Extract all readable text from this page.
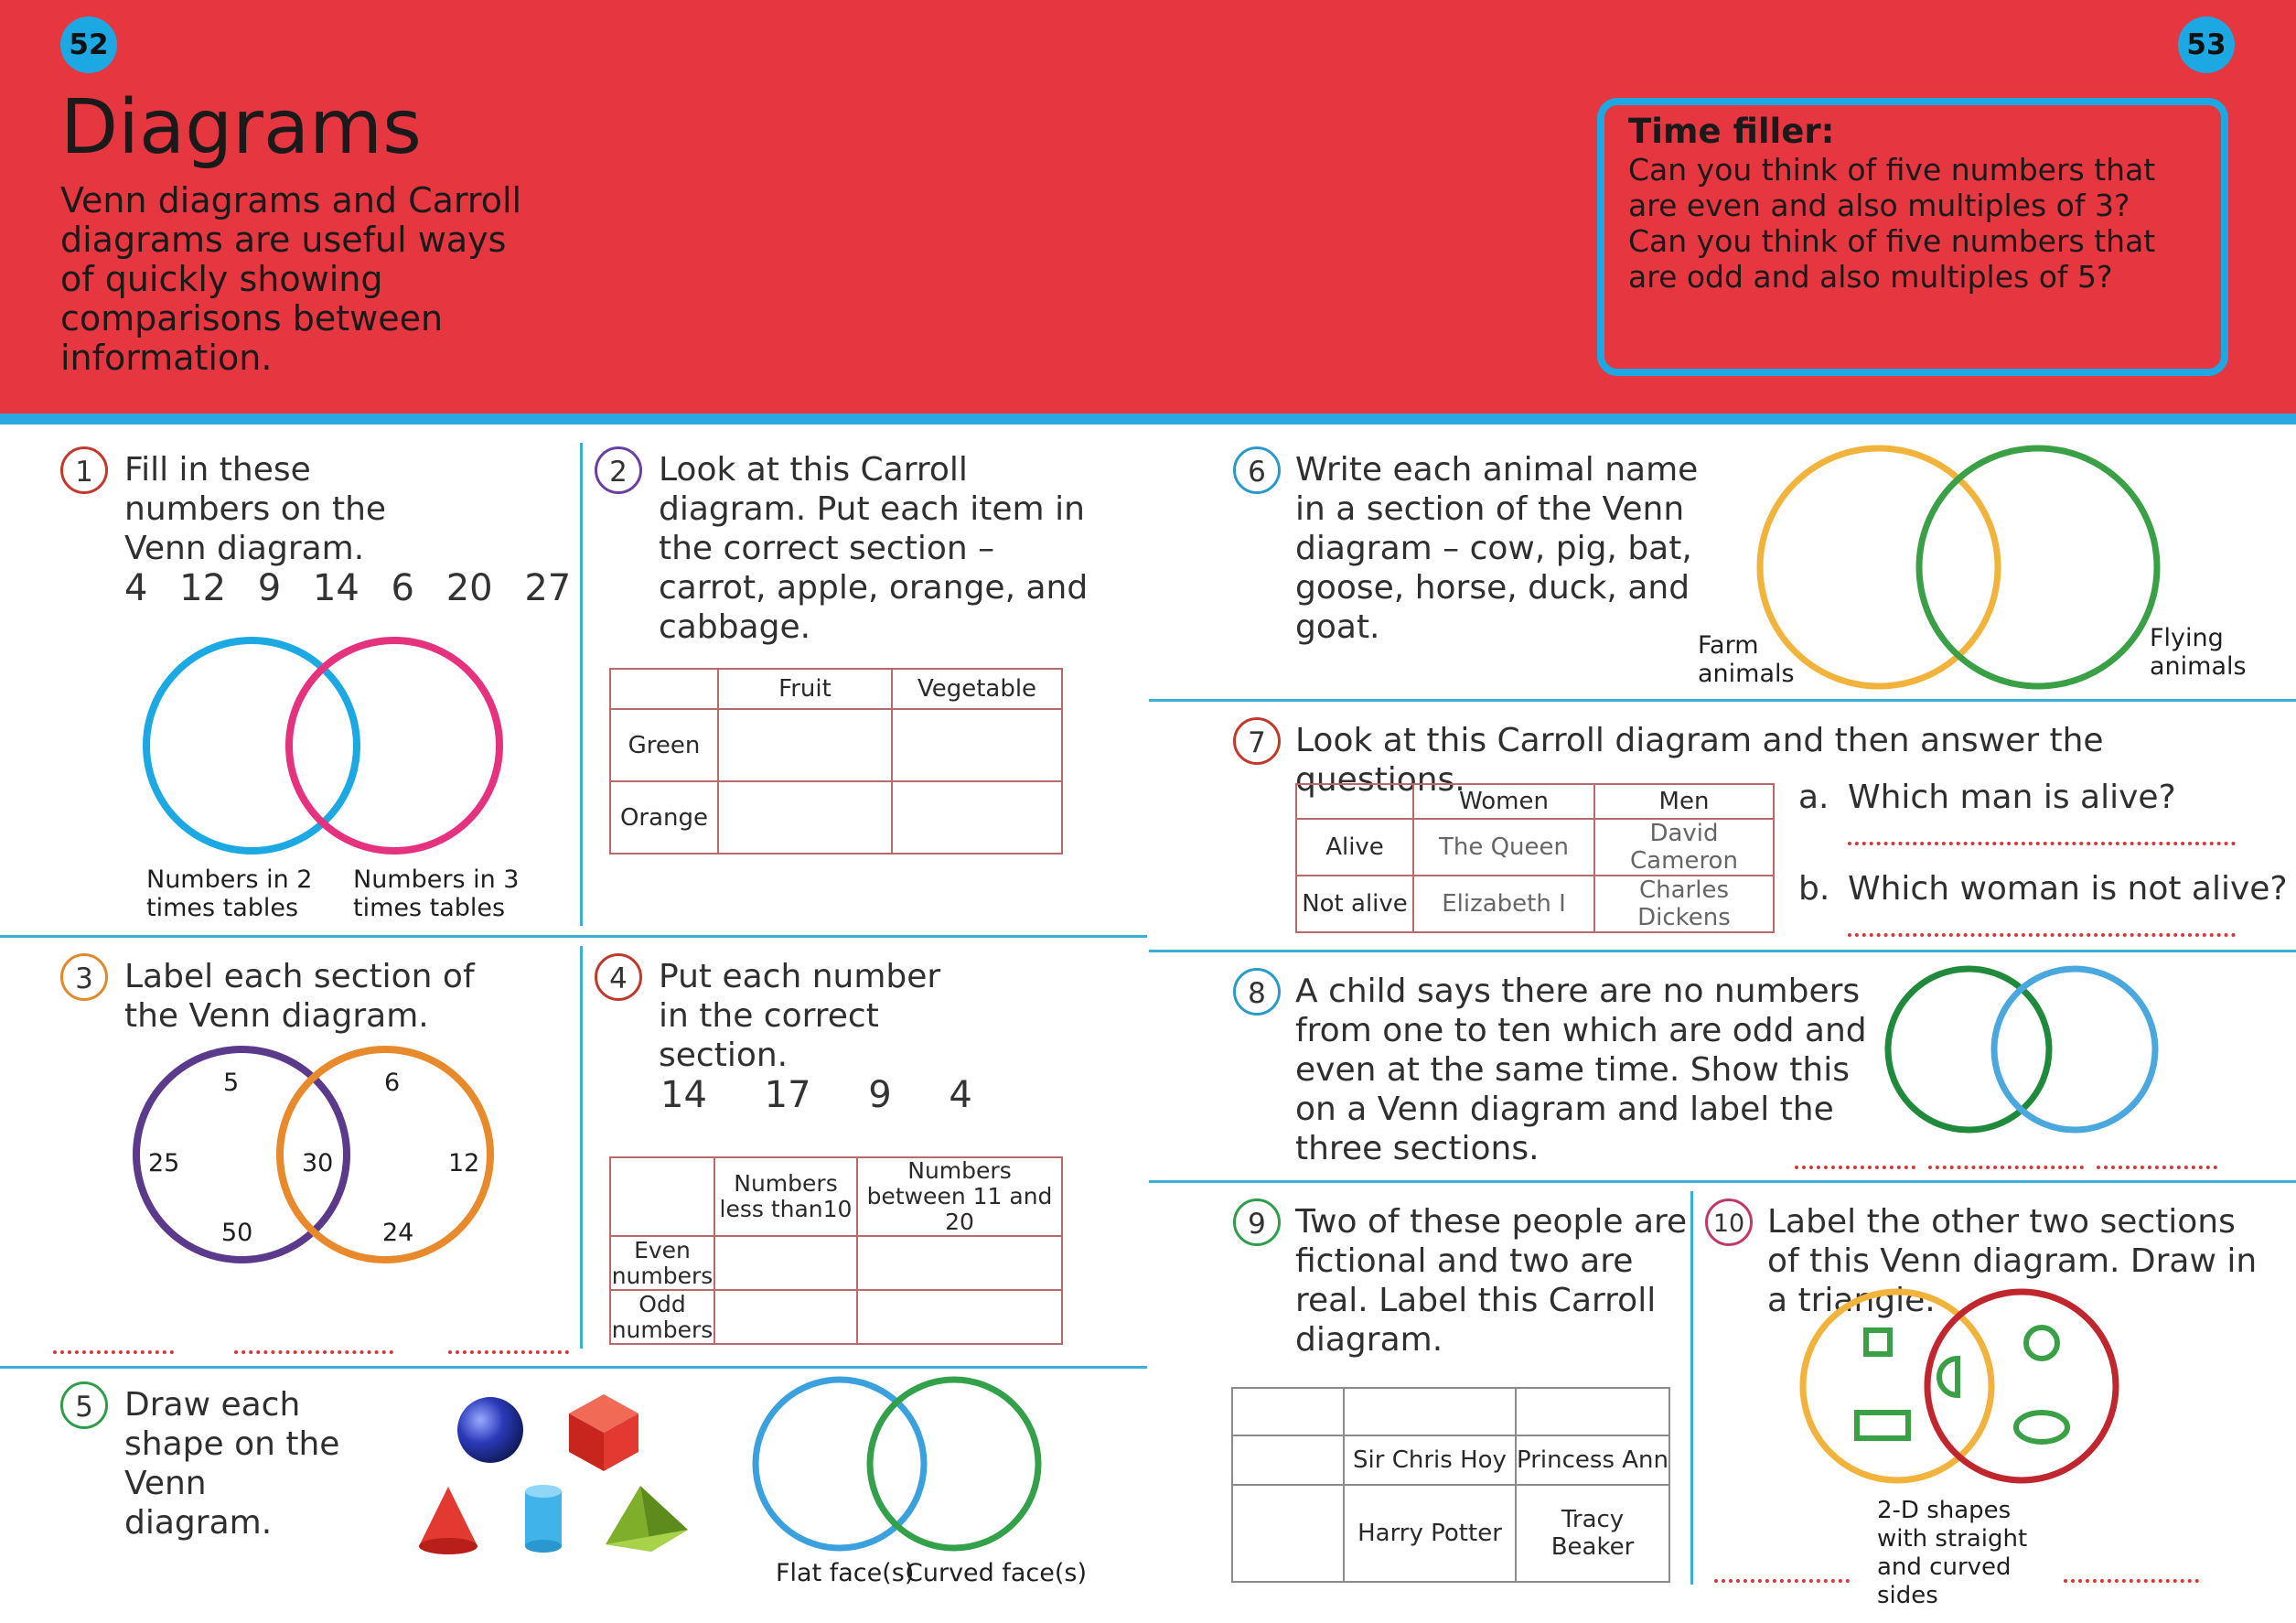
52	53
Diagrams
Venn diagrams and Carroll diagrams are useful ways of quickly showing comparisons between information.
Time filler:
Can you think of five numbers that are even and also multiples of 3? Can you think of five numbers that are odd and also multiples of 5?
1 Fill in these numbers on the Venn diagram.
4 12 9 14 6 20 27
Numbers in 2 times tables
Numbers in 3 times tables
2 Look at this Carroll diagram. Put each item in the correct section – carrot, apple, orange, and cabbage.
	Fruit	Vegetable
Green		
Orange		
3 Label each section of the Venn diagram.
5	6
25	30	12
50	24
4 Put each number in the correct section.
14 17 9 4
	Numbers less than10	Numbers between 11 and 20
Even numbers		
Odd numbers		
5 Draw each shape on the Venn diagram.
Flat face(s)
Curved face(s)
6 Write each animal name in a section of the Venn diagram – cow, pig, bat, goose, horse, duck, and goat.	Farm animals
Flying animals
7 Look at this Carroll diagram and then answer the questions.
	Women	Men
Alive	The Queen	David Cameron
Not alive	Elizabeth I	Charles Dickens
a. Which man is alive?
b. Which woman is not alive?
8 A child says there are no numbers from one to ten which are odd and even at the same time. Show this on a Venn diagram and label the three sections.
9 Two of these people are fictional and two are real. Label this Carroll diagram.

	Sir Chris Hoy	Princess Ann
	Harry Potter	Tracy Beaker
10 Label the other two sections of this Venn diagram. Draw in a triangle.
2-D shapes with straight and curved sides
